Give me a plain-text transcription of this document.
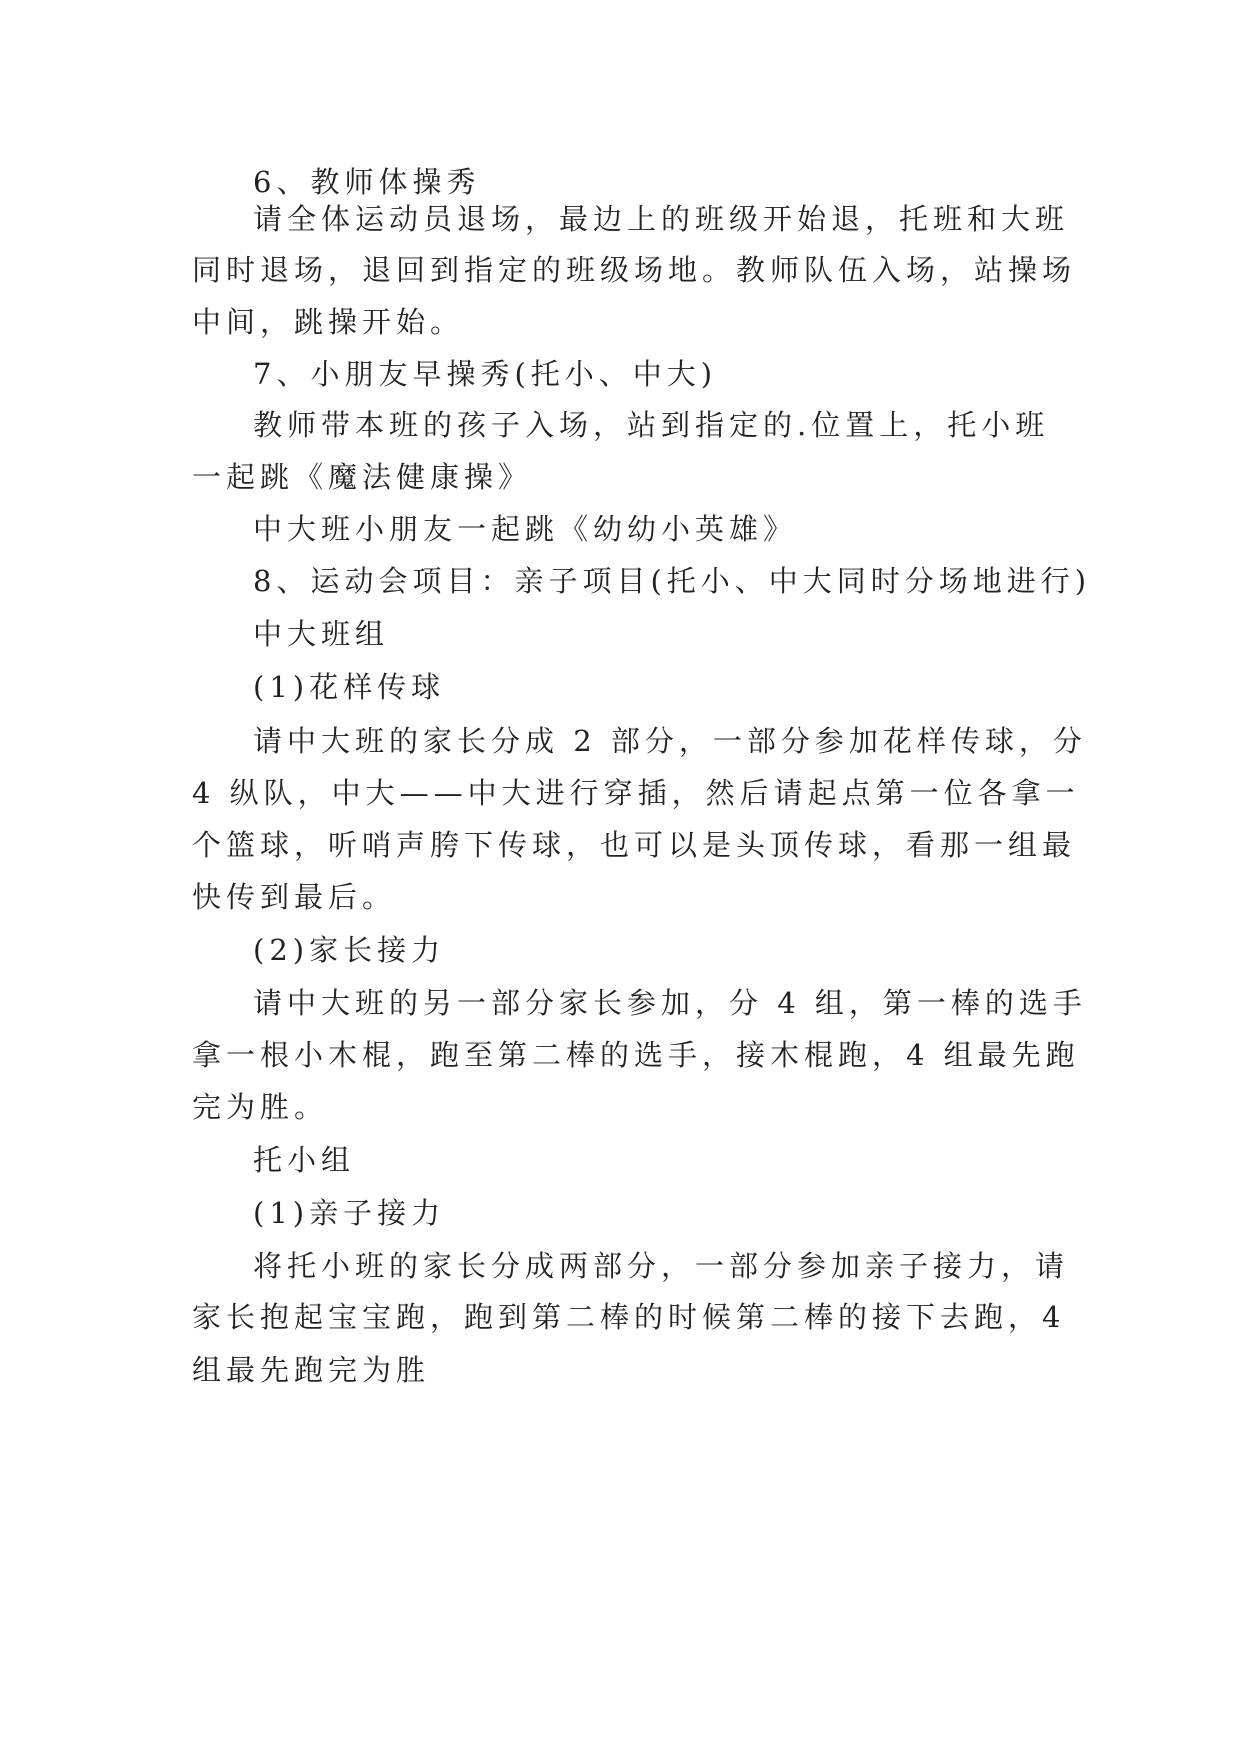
6、教师体操秀
请全体运动员退场，最边上的班级开始退，托班和大班
同时退场，退回到指定的班级场地。教师队伍入场，站操场
中间，跳操开始。
7、小朋友早操秀(托小、中大)
教师带本班的孩子入场，站到指定的.位置上，托小班
一起跳《魔法健康操》
中大班小朋友一起跳《幼幼小英雄》
8、运动会项目：亲子项目(托小、中大同时分场地进行)
中大班组
(1)花样传球
请中大班的家长分成 2 部分，一部分参加花样传球，分
4 纵队，中大——中大进行穿插，然后请起点第一位各拿一
个篮球，听哨声胯下传球，也可以是头顶传球，看那一组最
快传到最后。
(2)家长接力
请中大班的另一部分家长参加，分 4 组，第一棒的选手
拿一根小木棍，跑至第二棒的选手，接木棍跑，4 组最先跑
完为胜。
托小组
(1)亲子接力
将托小班的家长分成两部分，一部分参加亲子接力，请
家长抱起宝宝跑，跑到第二棒的时候第二棒的接下去跑，4
组最先跑完为胜
